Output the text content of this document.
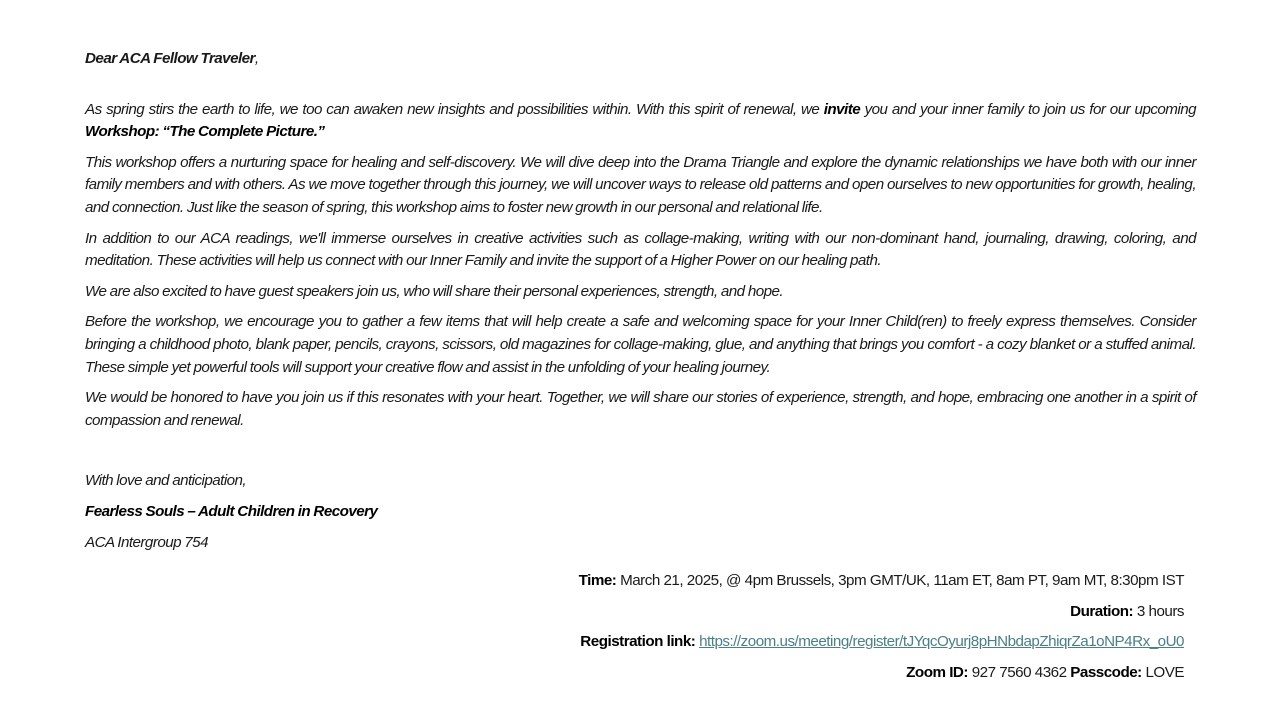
Dear ACA Fellow Traveler,

As spring stirs the earth to life, we too can awaken new insights and possibilities within. With this spirit of renewal, we invite you and your inner family to join us for our upcoming Workshop: “The Complete Picture.”

This workshop offers a nurturing space for healing and self-discovery. We will dive deep into the Drama Triangle and explore the dynamic relationships we have both with our inner family members and with others. As we move together through this journey, we will uncover ways to release old patterns and open ourselves to new opportunities for growth, healing, and connection. Just like the season of spring, this workshop aims to foster new growth in our personal and relational life.

In addition to our ACA readings, we'll immerse ourselves in creative activities such as collage-making, writing with our non-dominant hand, journaling, drawing, coloring, and meditation. These activities will help us connect with our Inner Family and invite the support of a Higher Power on our healing path.

We are also excited to have guest speakers join us, who will share their personal experiences, strength, and hope.

Before the workshop, we encourage you to gather a few items that will help create a safe and welcoming space for your Inner Child(ren) to freely express themselves. Consider bringing a childhood photo, blank paper, pencils, crayons, scissors, old magazines for collage-making, glue, and anything that brings you comfort - a cozy blanket or a stuffed animal. These simple yet powerful tools will support your creative flow and assist in the unfolding of your healing journey.

We would be honored to have you join us if this resonates with your heart. Together, we will share our stories of experience, strength, and hope, embracing one another in a spirit of compassion and renewal.

With love and anticipation,

Fearless Souls – Adult Children in Recovery

ACA Intergroup 754

Time: March 21, 2025, @ 4pm Brussels, 3pm GMT/UK, 11am ET, 8am PT, 9am MT, 8:30pm IST
Duration: 3 hours
Registration link: https://zoom.us/meeting/register/tJYqcOyurj8pHNbdapZhiqrZa1oNP4Rx_oU0
Zoom ID: 927 7560 4362 Passcode: LOVE
